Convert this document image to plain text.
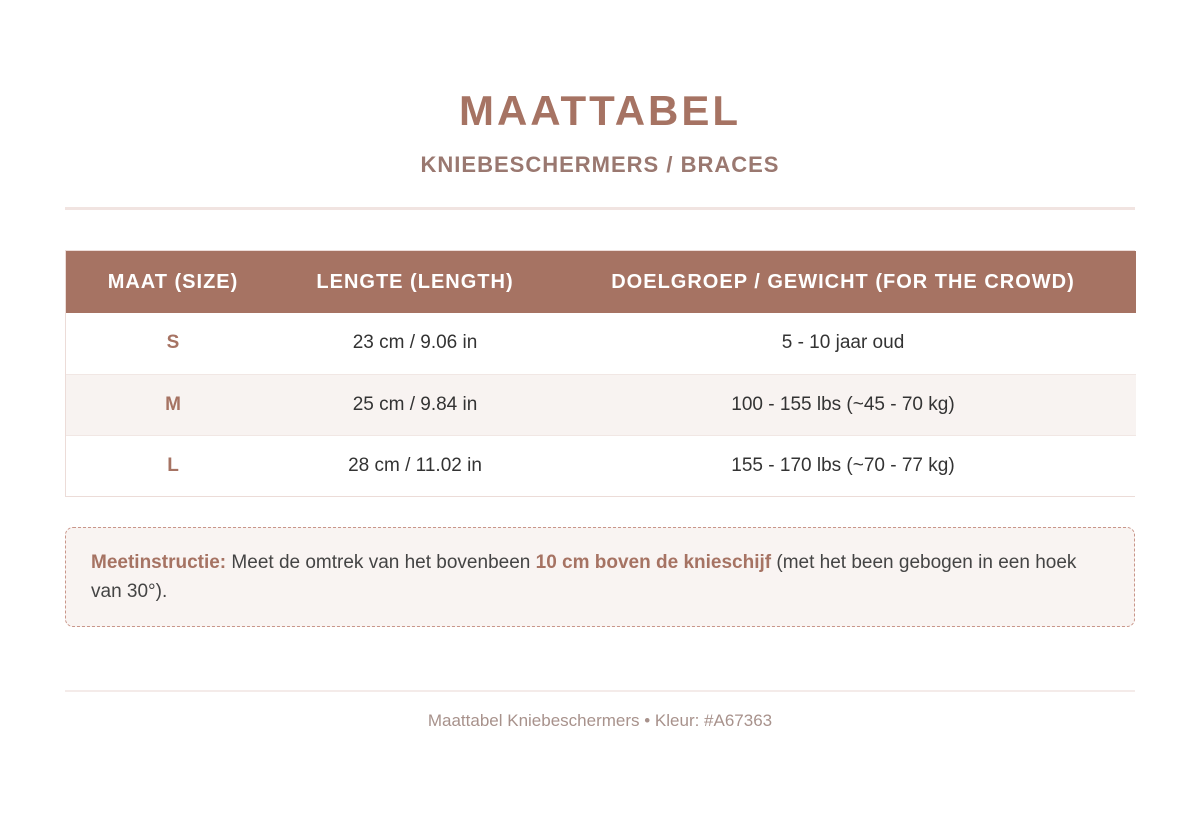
MAATTABEL
KNIEBESCHERMERS / BRACES
MAAT (SIZE)	LENGTE (LENGTH)	DOELGROEP / GEWICHT (FOR THE CROWD)
S	23 cm / 9.06 in	5 - 10 jaar oud
M	25 cm / 9.84 in	100 - 155 lbs (~45 - 70 kg)
L	28 cm / 11.02 in	155 - 170 lbs (~70 - 77 kg)
Meetinstructie: Meet de omtrek van het bovenbeen 10 cm boven de knieschijf (met het been gebogen in een hoek van 30°).
Maattabel Kniebeschermers • Kleur: #A67363
